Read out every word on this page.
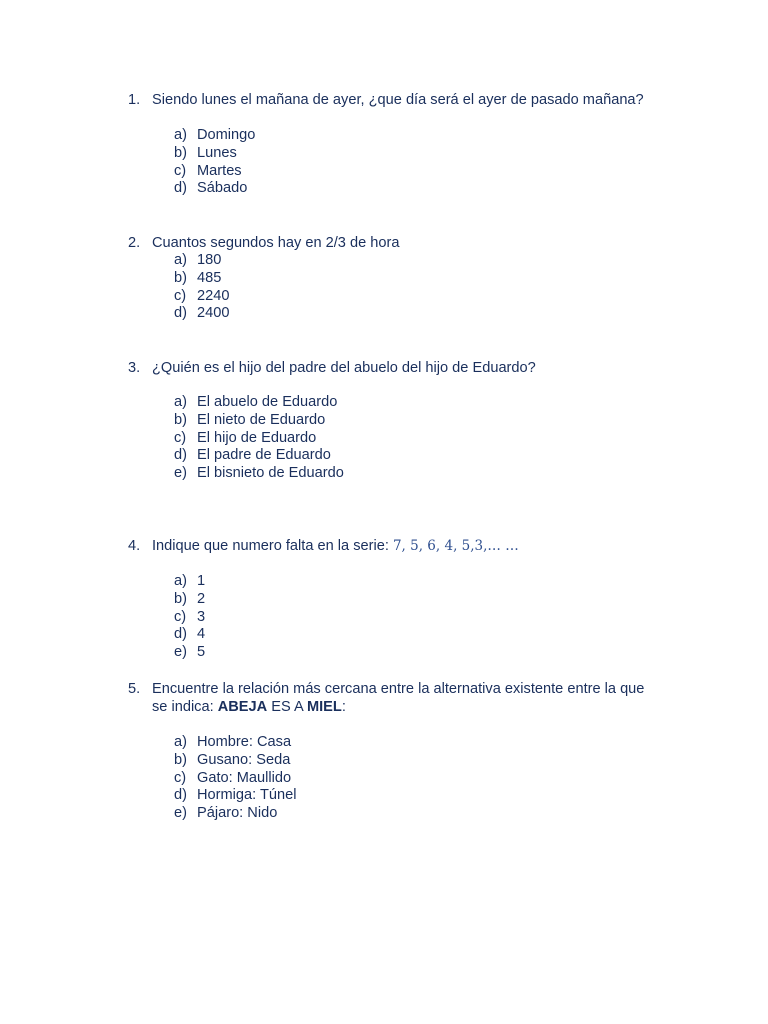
1. Siendo lunes el mañana de ayer, ¿que día será el ayer de pasado mañana?
a) Domingo
b) Lunes
c) Martes
d) Sábado
2. Cuantos segundos hay en 2/3 de hora
a) 180
b) 485
c) 2240
d) 2400
3. ¿Quién es el hijo del padre del abuelo del hijo de Eduardo?
a) El abuelo de Eduardo
b) El nieto de Eduardo
c) El hijo de Eduardo
d) El padre de Eduardo
e) El bisnieto de Eduardo
4. Indique que numero falta en la serie: 7, 5, 6, 4, 5,3,… …
a) 1
b) 2
c) 3
d) 4
e) 5
5. Encuentre la relación más cercana entre la alternativa existente entre la que
se indica: ABEJA ES A MIEL:
a) Hombre: Casa
b) Gusano: Seda
c) Gato: Maullido
d) Hormiga: Túnel
e) Pájaro: Nido
